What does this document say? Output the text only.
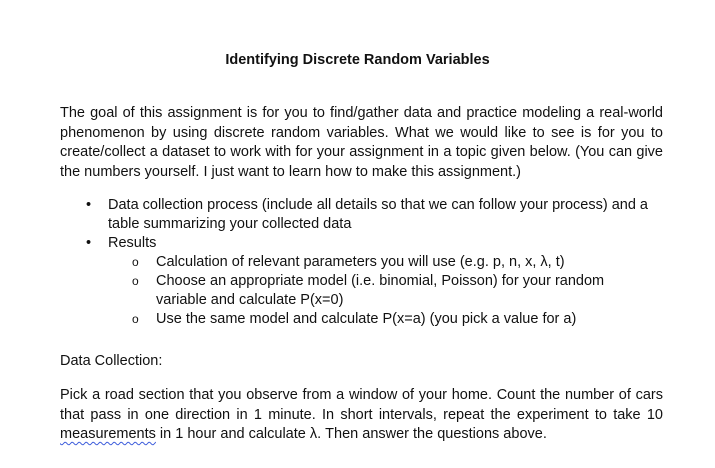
Identifying Discrete Random Variables

The goal of this assignment is for you to find/gather data and practice modeling a real-world phenomenon by using discrete random variables. What we would like to see is for you to create/collect a dataset to work with for your assignment in a topic given below. (You can give the numbers yourself. I just want to learn how to make this assignment.)

• Data collection process (include all details so that we can follow your process) and a table summarizing your collected data
• Results
o Calculation of relevant parameters you will use (e.g. p, n, x, λ, t)
o Choose an appropriate model (i.e. binomial, Poisson) for your random variable and calculate P(x=0)
o Use the same model and calculate P(x=a) (you pick a value for a)
Data Collection:

Pick a road section that you observe from a window of your home. Count the number of cars that pass in one direction in 1 minute. In short intervals, repeat the experiment to take 10 measurements in 1 hour and calculate λ. Then answer the questions above.
